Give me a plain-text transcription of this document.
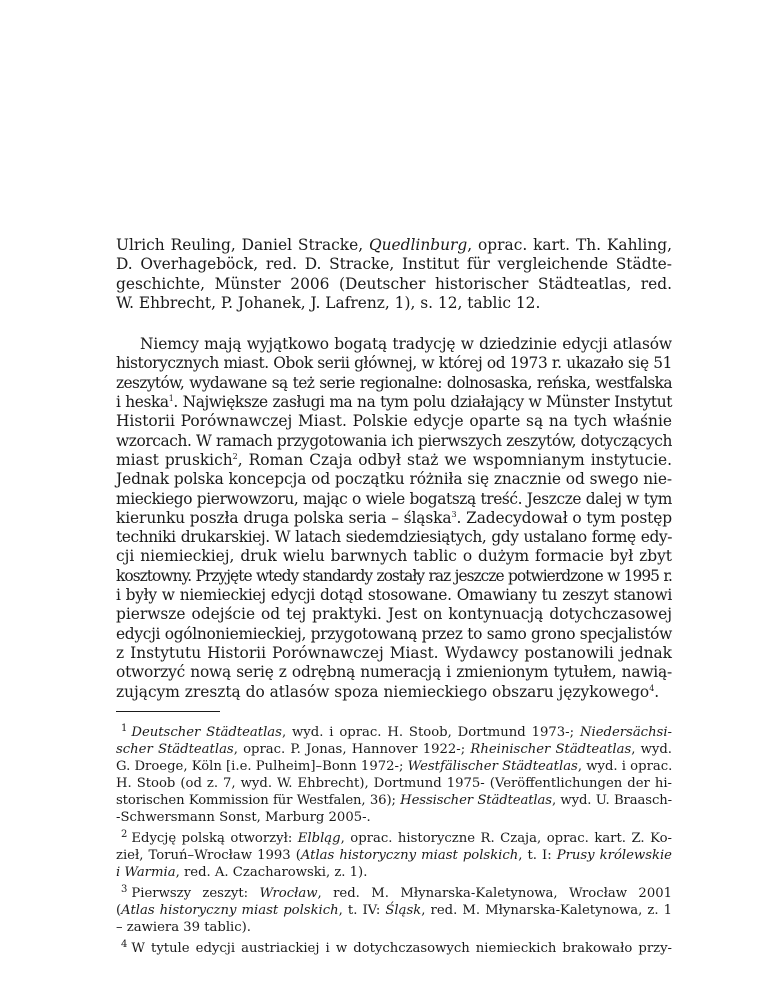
Ulrich Reuling, Daniel Stracke, Quedlinburg, oprac. kart. Th. Kahling,
D. Overhageböck, red. D. Stracke, Institut für vergleichende Städte-
geschichte, Münster 2006 (Deutscher historischer Städteatlas, red.
W. Ehbrecht, P. Johanek, J. Lafrenz, 1), s. 12, tablic 12.
Niemcy mają wyjątkowo bogatą tradycję w dziedzinie edycji atlasów
historycznych miast. Obok serii głównej, w której od 1973 r. ukazało się 51
zeszytów, wydawane są też serie regionalne: dolnosaska, reńska, westfalska
i heska$^1$. Największe zasługi ma na tym polu działający w Münster Instytut
Historii Porównawczej Miast. Polskie edycje oparte są na tych właśnie
wzorcach. W ramach przygotowania ich pierwszych zeszytów, dotyczących
miast pruskich$^2$, Roman Czaja odbył staż we wspomnianym instytucie.
Jednak polska koncepcja od początku różniła się znacznie od swego nie-
mieckiego pierwowzoru, mając o wiele bogatszą treść. Jeszcze dalej w tym
kierunku poszła druga polska seria – śląska$^3$. Zadecydował o tym postęp
techniki drukarskiej. W latach siedemdziesiątych, gdy ustalano formę edy-
cji niemieckiej, druk wielu barwnych tablic o dużym formacie był zbyt
kosztowny. Przyjęte wtedy standardy zostały raz jeszcze potwierdzone w 1995 r.
i były w niemieckiej edycji dotąd stosowane. Omawiany tu zeszyt stanowi
pierwsze odejście od tej praktyki. Jest on kontynuacją dotychczasowej
edycji ogólnoniemieckiej, przygotowaną przez to samo grono specjalistów
z Instytutu Historii Porównawczej Miast. Wydawcy postanowili jednak
otworzyć nową serię z odrębną numeracją i zmienionym tytułem, nawią-
zującym zresztą do atlasów spoza niemieckiego obszaru językowego$^4$.
$^1$ Deutscher Städteatlas, wyd. i oprac. H. Stoob, Dortmund 1973-; Niedersächsi-
scher Städteatlas, oprac. P. Jonas, Hannover 1922-; Rheinischer Städteatlas, wyd.
G. Droege, Köln [i.e. Pulheim]–Bonn 1972-; Westfälischer Städteatlas, wyd. i oprac.
H. Stoob (od z. 7, wyd. W. Ehbrecht), Dortmund 1975- (Veröffentlichungen der hi-
storischen Kommission für Westfalen, 36); Hessischer Städteatlas, wyd. U. Braasch-
-Schwersmann Sonst, Marburg 2005-.
$^2$ Edycję polską otworzył: Elbląg, oprac. historyczne R. Czaja, oprac. kart. Z. Ko-
zieł, Toruń–Wrocław 1993 (Atlas historyczny miast polskich, t. I: Prusy królewskie
i Warmia, red. A. Czacharowski, z. 1).
$^3$ Pierwszy zeszyt: Wrocław, red. M. Młynarska-Kaletynowa, Wrocław 2001
(Atlas historyczny miast polskich, t. IV: Śląsk, red. M. Młynarska-Kaletynowa, z. 1
– zawiera 39 tablic).
$^4$ W tytule edycji austriackiej i w dotychczasowych niemieckich brakowało przy-
